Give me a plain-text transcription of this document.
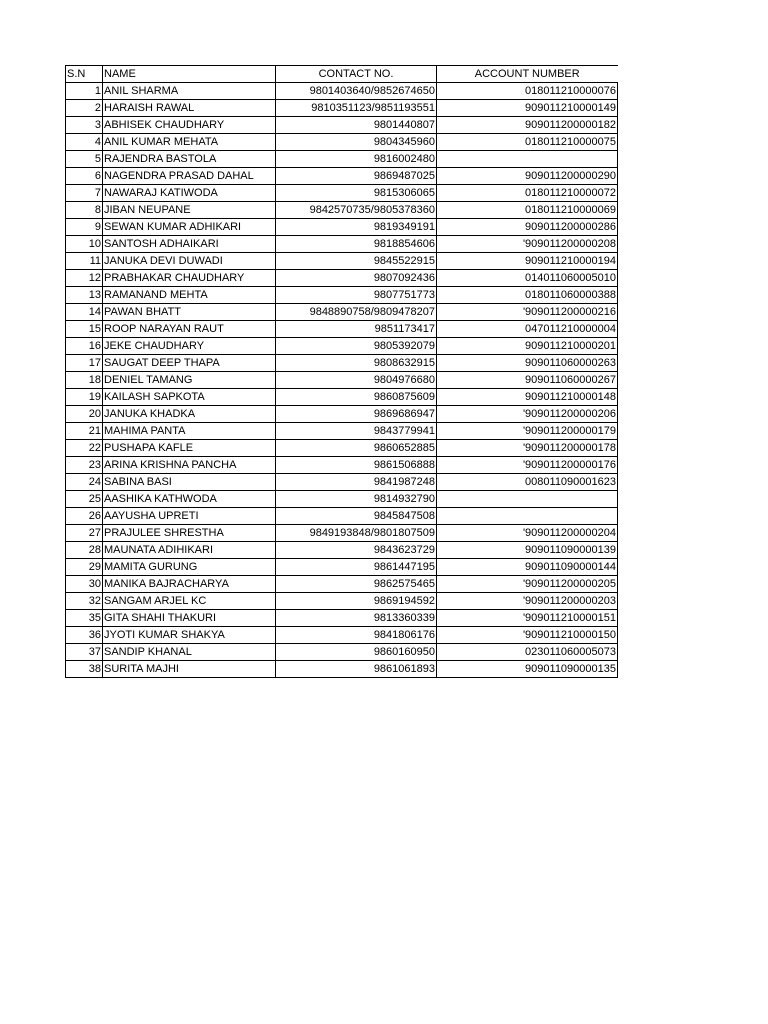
S.N	NAME	CONTACT NO.	ACCOUNT NUMBER
1	ANIL SHARMA	9801403640/9852674650	018011210000076
2	HARAISH RAWAL	9810351123/9851193551	909011210000149
3	ABHISEK CHAUDHARY	9801440807	909011200000182
4	ANIL KUMAR MEHATA	9804345960	018011210000075
5	RAJENDRA BASTOLA	9816002480	
6	NAGENDRA PRASAD DAHAL	9869487025	909011200000290
7	NAWARAJ KATIWODA	9815306065	018011210000072
8	JIBAN NEUPANE	9842570735/9805378360	018011210000069
9	SEWAN KUMAR ADHIKARI	9819349191	909011200000286
10	SANTOSH ADHAIKARI	9818854606	'909011200000208
11	JANUKA DEVI DUWADI	9845522915	909011210000194
12	PRABHAKAR CHAUDHARY	9807092436	014011060005010
13	RAMANAND MEHTA	9807751773	018011060000388
14	PAWAN BHATT	9848890758/9809478207	'909011200000216
15	ROOP NARAYAN RAUT	9851173417	047011210000004
16	JEKE CHAUDHARY	9805392079	909011210000201
17	SAUGAT DEEP THAPA	9808632915	909011060000263
18	DENIEL TAMANG	9804976680	909011060000267
19	KAILASH SAPKOTA	9860875609	909011210000148
20	JANUKA KHADKA	9869686947	'909011200000206
21	MAHIMA PANTA	9843779941	'909011200000179
22	PUSHAPA KAFLE	9860652885	'909011200000178
23	ARINA KRISHNA PANCHA	9861506888	'909011200000176
24	SABINA BASI	9841987248	008011090001623
25	AASHIKA KATHWODA	9814932790	
26	AAYUSHA UPRETI	9845847508	
27	PRAJULEE SHRESTHA	9849193848/9801807509	'909011200000204
28	MAUNATA ADIHIKARI	9843623729	909011090000139
29	MAMITA GURUNG	9861447195	909011090000144
30	MANIKA BAJRACHARYA	9862575465	'909011200000205
32	SANGAM ARJEL KC	9869194592	'909011200000203
35	GITA SHAHI THAKURI	9813360339	'909011210000151
36	JYOTI KUMAR SHAKYA	9841806176	'909011210000150
37	SANDIP KHANAL	9860160950	023011060005073
38	SURITA MAJHI	9861061893	909011090000135
